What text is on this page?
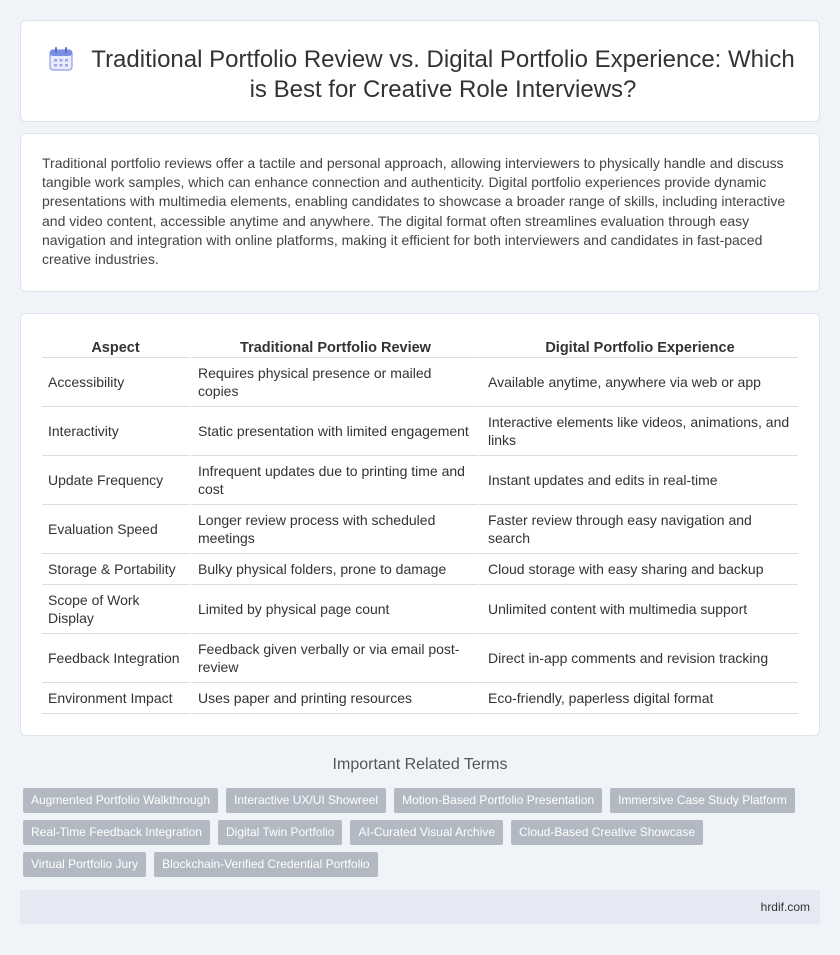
Traditional Portfolio Review vs. Digital Portfolio Experience: Which is Best for Creative Role Interviews?

Traditional portfolio reviews offer a tactile and personal approach, allowing interviewers to physically handle and discuss tangible work samples, which can enhance connection and authenticity. Digital portfolio experiences provide dynamic presentations with multimedia elements, enabling candidates to showcase a broader range of skills, including interactive and video content, accessible anytime and anywhere. The digital format often streamlines evaluation through easy navigation and integration with online platforms, making it efficient for both interviewers and candidates in fast-paced creative industries.

Aspect	Traditional Portfolio Review	Digital Portfolio Experience
Accessibility	Requires physical presence or mailed copies	Available anytime, anywhere via web or app
Interactivity	Static presentation with limited engagement	Interactive elements like videos, animations, and links
Update Frequency	Infrequent updates due to printing time and cost	Instant updates and edits in real-time
Evaluation Speed	Longer review process with scheduled meetings	Faster review through easy navigation and search
Storage & Portability	Bulky physical folders, prone to damage	Cloud storage with easy sharing and backup
Scope of Work Display	Limited by physical page count	Unlimited content with multimedia support
Feedback Integration	Feedback given verbally or via email post-review	Direct in-app comments and revision tracking
Environment Impact	Uses paper and printing resources	Eco-friendly, paperless digital format
Important Related Terms
Augmented Portfolio Walkthrough	Interactive UX/UI Showreel	Motion-Based Portfolio Presentation	Immersive Case Study Platform
Real-Time Feedback Integration	Digital Twin Portfolio	AI-Curated Visual Archive	Cloud-Based Creative Showcase
Virtual Portfolio Jury	Blockchain-Verified Credential Portfolio
hrdif.com
